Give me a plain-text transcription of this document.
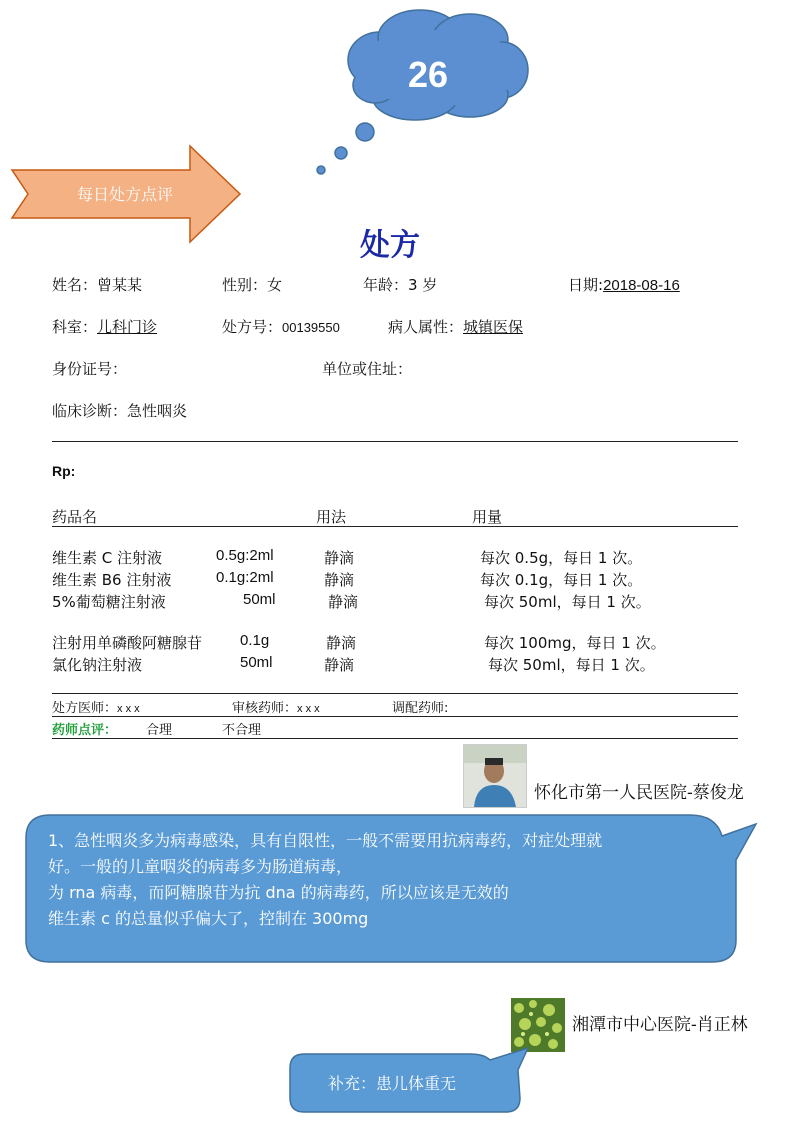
26
每日处方点评
处方
姓名：曾某某	性别：女	年龄：3 岁	日期:2018-08-16
科室：儿科门诊	处方号：00139550	病人属性：城镇医保
身份证号：	单位或住址：
临床诊断：急性咽炎
Rp:
药品名	用法	用量
维生素 C 注射液	0.5g:2ml	静滴	每次 0.5g，每日 1 次。
维生素 B6 注射液	0.1g:2ml	静滴	每次 0.1g，每日 1 次。
5%葡萄糖注射液	50ml	静滴	每次 50ml，每日 1 次。
注射用单磷酸阿糖腺苷	0.1g	静滴	每次 100mg，每日 1 次。
氯化钠注射液	50ml	静滴	每次 50ml，每日 1 次。
处方医师：x x x	审核药师：x x x	调配药师:
药师点评： 合理	不合理
怀化市第一人民医院-蔡俊龙
1、急性咽炎多为病毒感染，具有自限性，一般不需要用抗病毒药，对症处理就
好。一般的儿童咽炎的病毒多为肠道病毒，
为 rna 病毒，而阿糖腺苷为抗 dna 的病毒药，所以应该是无效的
维生素 c 的总量似乎偏大了，控制在 300mg
湘潭市中心医院-肖正林
补充：患儿体重无
